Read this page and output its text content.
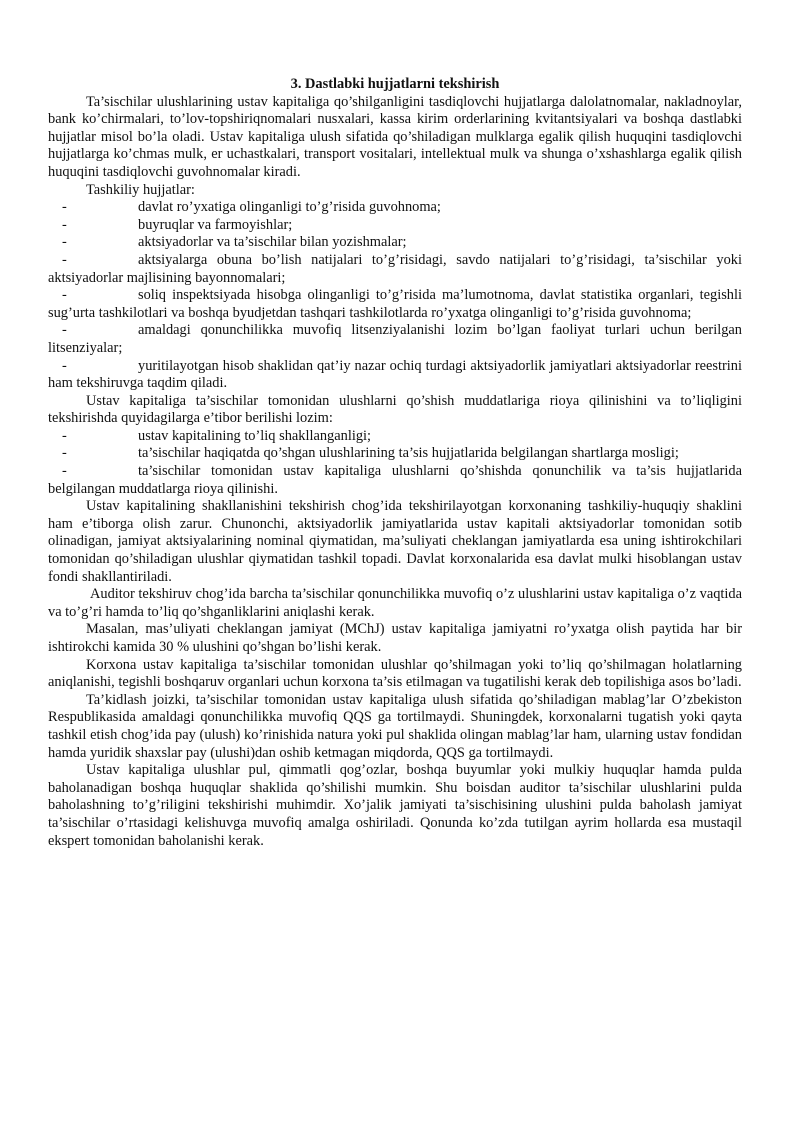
3. Dastlabki hujjatlarni tekshirish

Ta’sischilar ulushlarining ustav kapitaliga qo’shilganligini tasdiqlovchi hujjatlarga dalolatnomalar, nakladnoylar, bank ko’chirmalari, to’lov-topshiriqnomalari nusxalari, kassa kirim orderlarining kvitantsiyalari va boshqa dastlabki hujjatlar misol bo’la oladi. Ustav kapitaliga ulush sifatida qo’shiladigan mulklarga egalik qilish huquqini tasdiqlovchi hujjatlarga ko’chmas mulk, er uchastkalari, transport vositalari, intellektual mulk va shunga o’xshashlarga egalik qilish huquqini tasdiqlovchi guvohnomalar kiradi.

Tashkiliy hujjatlar:

-	davlat ro’yxatiga olinganligi to’g’risida guvohnoma;

-	buyruqlar va farmoyishlar;

-	aktsiyadorlar va ta’sischilar bilan yozishmalar;

-	aktsiyalarga obuna bo’lish natijalari to’g’risidagi, savdo natijalari to’g’risidagi, ta’sischilar yoki aktsiyadorlar majlisining bayonnomalari;

-	soliq inspektsiyada hisobga olinganligi to’g’risida ma’lumotnoma, davlat statistika organlari, tegishli sug’urta tashkilotlari va boshqa byudjetdan tashqari tashkilotlarda ro’yxatga olinganligi to’g’risida guvohnoma;

-	amaldagi qonunchilikka muvofiq litsenziyalanishi lozim bo’lgan faoliyat turlari uchun berilgan litsenziyalar;

-	yuritilayotgan hisob shaklidan qat’iy nazar ochiq turdagi aktsiyadorlik jamiyatlari aktsiyadorlar reestrini ham tekshiruvga taqdim qiladi.

Ustav kapitaliga ta’sischilar tomonidan ulushlarni qo’shish muddatlariga rioya qilinishini va to’liqligini tekshirishda quyidagilarga e’tibor berilishi lozim:

-	ustav kapitalining to’liq shakllanganligi;

-	ta’sischilar haqiqatda qo’shgan ulushlarining ta’sis hujjatlarida belgilangan shartlarga mosligi;

-	ta’sischilar tomonidan ustav kapitaliga ulushlarni qo’shishda qonunchilik va ta’sis hujjatlarida belgilangan muddatlarga rioya qilinishi.

Ustav kapitalining shakllanishini tekshirish chog’ida tekshirilayotgan korxonaning tashkiliy-huquqiy shaklini ham e’tiborga olish zarur. Chunonchi, aktsiyadorlik jamiyatlarida ustav kapitali aktsiyadorlar tomonidan sotib olinadigan, jamiyat aktsiyalarining nominal qiymatidan, ma’suliyati cheklangan jamiyatlarda esa uning ishtirokchilari tomonidan qo’shiladigan ulushlar qiymatidan tashkil topadi. Davlat korxonalarida esa davlat mulki hisoblangan ustav fondi shakllantiriladi.

Auditor tekshiruv chog’ida barcha ta’sischilar qonunchilikka muvofiq o’z ulushlarini ustav kapitaliga o’z vaqtida va to’g’ri hamda to’liq qo’shganliklarini aniqlashi kerak.

Masalan, mas’uliyati cheklangan jamiyat (MChJ) ustav kapitaliga jamiyatni ro’yxatga olish paytida har bir ishtirokchi kamida 30 % ulushini qo’shgan bo’lishi kerak.

Korxona ustav kapitaliga ta’sischilar tomonidan ulushlar qo’shilmagan yoki to’liq qo’shilmagan holatlarning aniqlanishi, tegishli boshqaruv organlari uchun korxona ta’sis etilmagan va tugatilishi kerak deb topilishiga asos bo’ladi.

Ta’kidlash joizki, ta’sischilar tomonidan ustav kapitaliga ulush sifatida qo’shiladigan mablag’lar O’zbekiston Respublikasida amaldagi qonunchilikka muvofiq QQS ga tortilmaydi. Shuningdek, korxonalarni tugatish yoki qayta tashkil etish chog’ida pay (ulush) ko’rinishida natura yoki pul shaklida olingan mablag’lar ham, ularning ustav fondidan hamda yuridik shaxslar pay (ulushi)dan oshib ketmagan miqdorda, QQS ga tortilmaydi.

Ustav kapitaliga ulushlar pul, qimmatli qog’ozlar, boshqa buyumlar yoki mulkiy huquqlar hamda pulda baholanadigan boshqa huquqlar shaklida qo’shilishi mumkin. Shu boisdan auditor ta’sischilar ulushlarini pulda baholashning to’g’riligini tekshirishi muhimdir. Xo’jalik jamiyati ta’sischisining ulushini pulda baholash jamiyat ta’sischilar o’rtasidagi kelishuvga muvofiq amalga oshiriladi. Qonunda ko’zda tutilgan ayrim hollarda esa mustaqil ekspert tomonidan baholanishi kerak.
